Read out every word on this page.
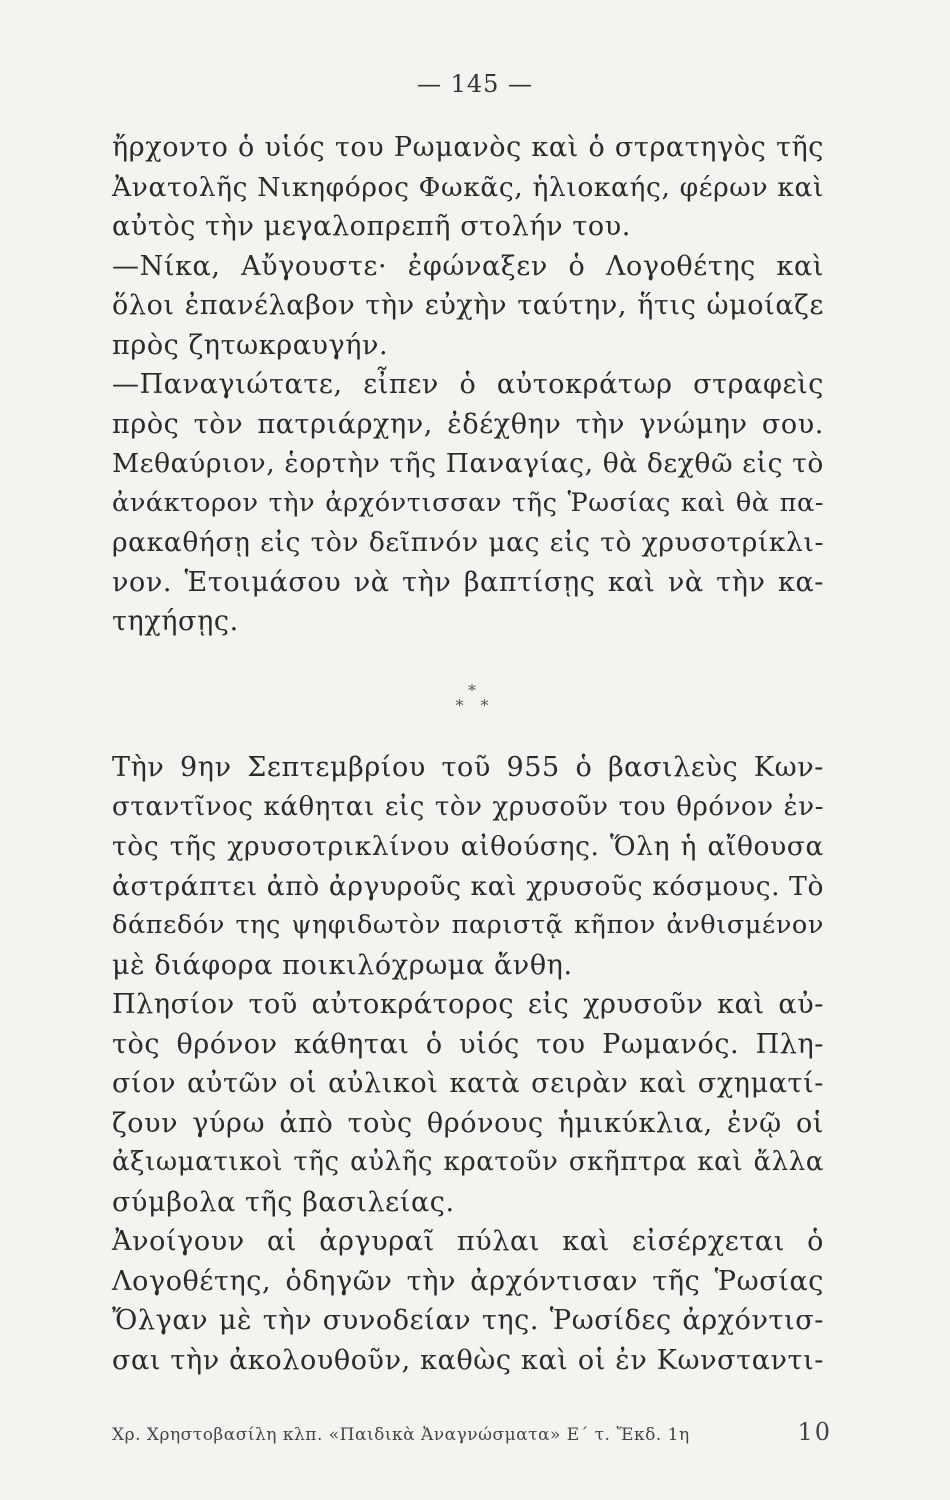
— 145 —
ἤρχοντο ὁ υἱός του Ρωμανὸς καὶ ὁ στρατηγὸς τῆς
Ἀνατολῆς Νικηφόρος Φωκᾶς, ἡλιοκαής, φέρων καὶ
αὐτὸς τὴν μεγαλοπρεπῆ στολήν του.
—Νίκα, Αὔγουστε· ἐφώναξεν ὁ Λογοθέτης καὶ
ὅλοι ἐπανέλαβον τὴν εὐχὴν ταύτην, ἥτις ὡμοίαζε
πρὸς ζητωκραυγήν.
—Παναγιώτατε, εἶπεν ὁ αὐτοκράτωρ στραφεὶς
πρὸς τὸν πατριάρχην, ἐδέχθην τὴν γνώμην σου.
Μεθαύριον, ἑορτὴν τῆς Παναγίας, θὰ δεχθῶ εἰς τὸ
ἀνάκτορον τὴν ἀρχόντισσαν τῆς Ῥωσίας καὶ θὰ πα-
ρακαθήσῃ εἰς τὸν δεῖπνόν μας εἰς τὸ χρυσοτρίκλι-
νον. Ἑτοιμάσου νὰ τὴν βαπτίσῃς καὶ νὰ τὴν κα-
τηχήσῃς.
*
* *
Τὴν 9ην Σεπτεμβρίου τοῦ 955 ὁ βασιλεὺς Κων-
σταντῖνος κάθηται εἰς τὸν χρυσοῦν του θρόνον ἐν-
τὸς τῆς χρυσοτρικλίνου αἰθούσης. Ὅλη ἡ αἴθουσα
ἀστράπτει ἀπὸ ἀργυροῦς καὶ χρυσοῦς κόσμους. Τὸ
δάπεδόν της ψηφιδωτὸν παριστᾷ κῆπον ἀνθισμένον
μὲ διάφορα ποικιλόχρωμα ἄνθη.
Πλησίον τοῦ αὐτοκράτορος εἰς χρυσοῦν καὶ αὐ-
τὸς θρόνον κάθηται ὁ υἱός του Ρωμανός. Πλη-
σίον αὐτῶν οἱ αὐλικοὶ κατὰ σειρὰν καὶ σχηματί-
ζουν γύρω ἀπὸ τοὺς θρόνους ἡμικύκλια, ἐνῷ οἱ
ἀξιωματικοὶ τῆς αὐλῆς κρατοῦν σκῆπτρα καὶ ἄλλα
σύμβολα τῆς βασιλείας.
Ἀνοίγουν αἱ ἀργυραῖ πύλαι καὶ εἰσέρχεται ὁ
Λογοθέτης, ὁδηγῶν τὴν ἀρχόντισαν τῆς Ῥωσίας
Ὄλγαν μὲ τὴν συνοδείαν της. Ῥωσίδες ἀρχόντισ-
σαι τὴν ἀκολουθοῦν, καθὼς καὶ οἱ ἐν Κωνσταντι-
Χρ. Χρηστοβασίλη κλπ. «Παιδικὰ Ἀναγνώσματα» Ε΄ τ. Ἔκδ. 1η	10
